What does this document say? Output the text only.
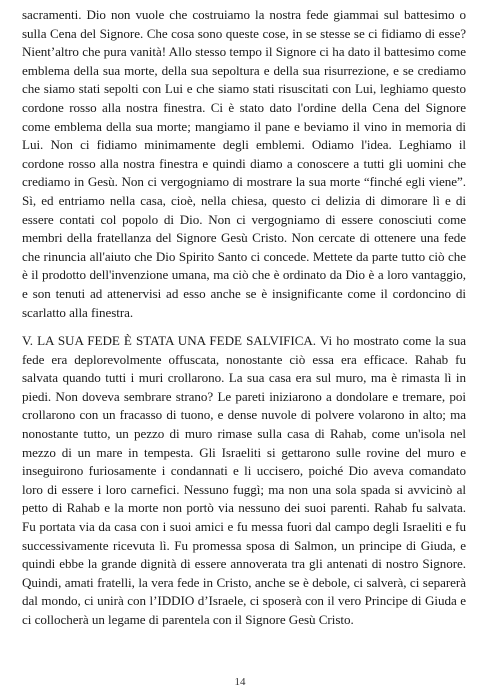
sacramenti. Dio non vuole che costruiamo la nostra fede giammai sul battesimo o sulla Cena del Signore. Che cosa sono queste cose, in se stesse se ci fidiamo di esse? Nient’altro che pura vanità! Allo stesso tempo il Signore ci ha dato il battesimo come emblema della sua morte, della sua sepoltura e della sua risurrezione, e se crediamo che siamo stati sepolti con Lui e che siamo stati risuscitati con Lui, leghiamo questo cordone rosso alla nostra finestra. Ci è stato dato l'ordine della Cena del Signore come emblema della sua morte; mangiamo il pane e beviamo il vino in memoria di Lui. Non ci fidiamo minimamente degli emblemi. Odiamo l'idea. Leghiamo il cordone rosso alla nostra finestra e quindi diamo a conoscere a tutti gli uomini che crediamo in Gesù. Non ci vergogniamo di mostrare la sua morte “finché egli viene”. Sì, ed entriamo nella casa, cioè, nella chiesa, questo ci delizia di dimorare lì e di essere contati col popolo di Dio. Non ci vergogniamo di essere conosciuti come membri della fratellanza del Signore Gesù Cristo. Non cercate di ottenere una fede che rinuncia all'aiuto che Dio Spirito Santo ci concede. Mettete da parte tutto ciò che è il prodotto dell'invenzione umana, ma ciò che è ordinato da Dio è a loro vantaggio, e son tenuti ad attenervisi ad esso anche se è insignificante come il cordoncino di scarlatto alla finestra.

V. LA SUA FEDE È STATA UNA FEDE SALVIFICA. Vi ho mostrato come la sua fede era deplorevolmente offuscata, nonostante ciò essa era efficace. Rahab fu salvata quando tutti i muri crollarono. La sua casa era sul muro, ma è rimasta lì in piedi. Non doveva sembrare strano? Le pareti iniziarono a dondolare e tremare, poi crollarono con un fracasso di tuono, e dense nuvole di polvere volarono in alto; ma nonostante tutto, un pezzo di muro rimase sulla casa di Rahab, come un'isola nel mezzo di un mare in tempesta. Gli Israeliti si gettarono sulle rovine del muro e inseguirono furiosamente i condannati e li uccisero, poiché Dio aveva comandato loro di essere i loro carnefici. Nessuno fuggì; ma non una sola spada si avvicinò al petto di Rahab e la morte non portò via nessuno dei suoi parenti. Rahab fu salvata. Fu portata via da casa con i suoi amici e fu messa fuori dal campo degli Israeliti e fu successivamente ricevuta lì. Fu promessa sposa di Salmon, un principe di Giuda, e quindi ebbe la grande dignità di essere annoverata tra gli antenati di nostro Signore. Quindi, amati fratelli, la vera fede in Cristo, anche se è debole, ci salverà, ci separerà dal mondo, ci unirà con l’IDDIO d’Israele, ci sposerà con il vero Principe di Giuda e ci collocherà un legame di parentela con il Signore Gesù Cristo.

14
